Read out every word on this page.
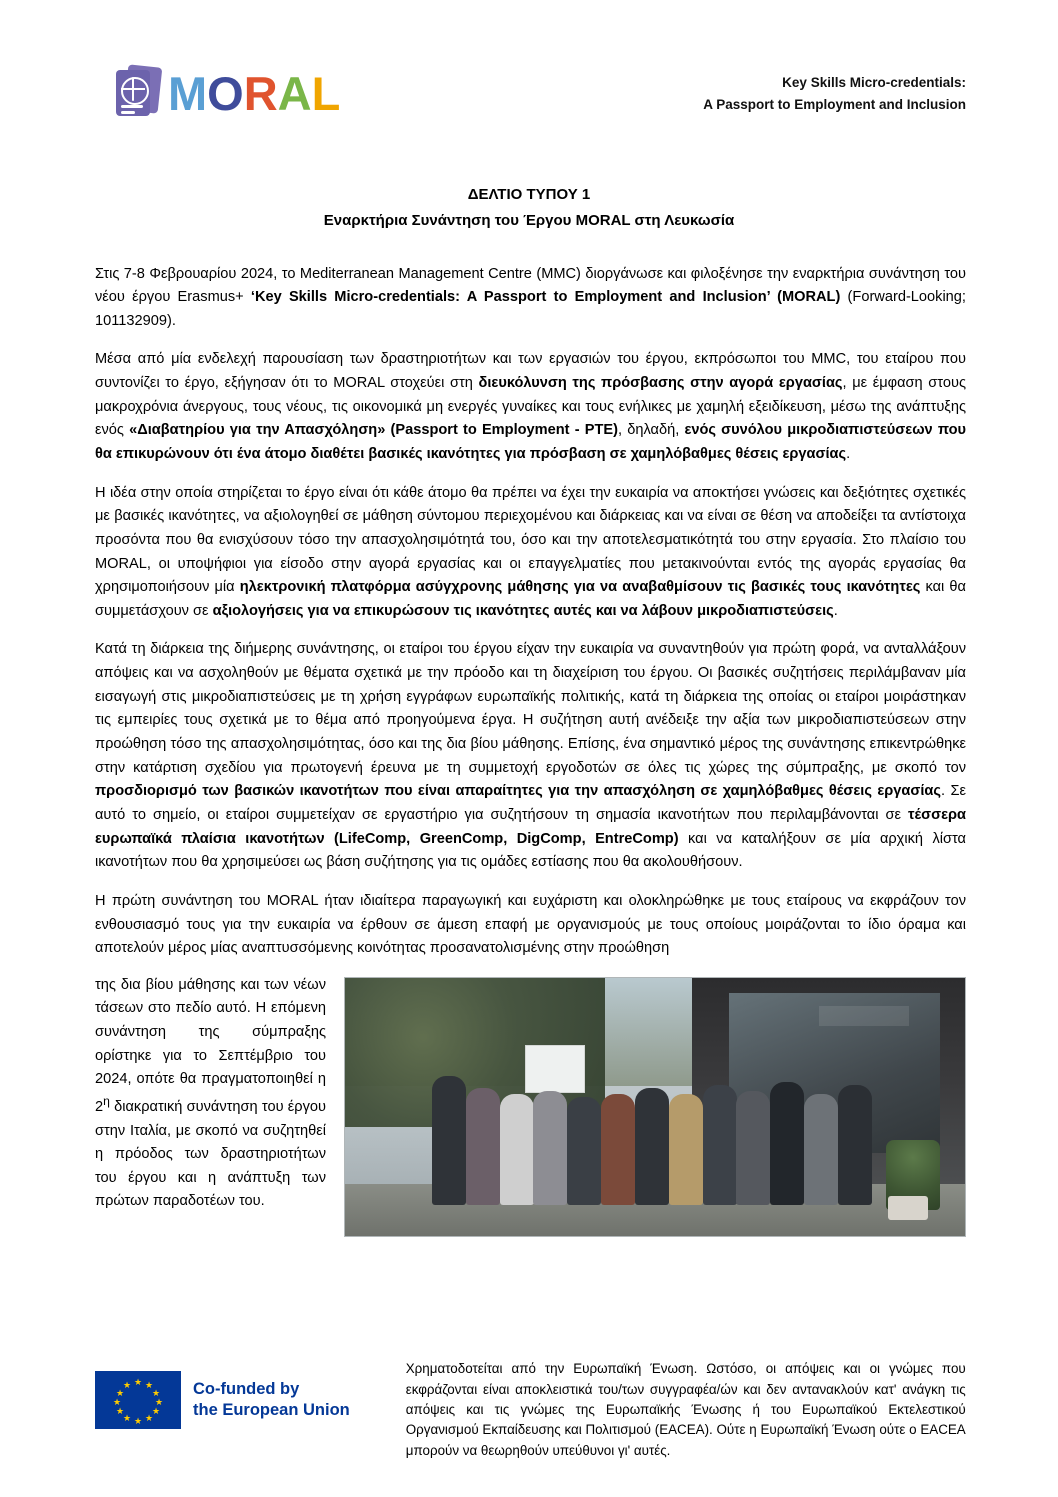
MORAL	Key Skills Micro-credentials:
A Passport to Employment and Inclusion
ΔΕΛΤΙΟ ΤΥΠΟΥ 1
Εναρκτήρια Συνάντηση του Έργου MORAL στη Λευκωσία

Στις 7-8 Φεβρουαρίου 2024, το Mediterranean Management Centre (MMC) διοργάνωσε και φιλοξένησε την εναρκτήρια συνάντηση του νέου έργου Erasmus+ ‘Key Skills Micro-credentials: A Passport to Employment and Inclusion’ (MORAL) (Forward-Looking; 101132909).

Μέσα από μία ενδελεχή παρουσίαση των δραστηριοτήτων και των εργασιών του έργου, εκπρόσωποι του MMC, του εταίρου που συντονίζει το έργο, εξήγησαν ότι το MORAL στοχεύει στη διευκόλυνση της πρόσβασης στην αγορά εργασίας, με έμφαση στους μακροχρόνια άνεργους, τους νέους, τις οικονομικά μη ενεργές γυναίκες και τους ενήλικες με χαμηλή εξειδίκευση, μέσω της ανάπτυξης ενός «Διαβατηρίου για την Απασχόληση» (Passport to Employment - PTE), δηλαδή, ενός συνόλου μικροδιαπιστεύσεων που θα επικυρώνουν ότι ένα άτομο διαθέτει βασικές ικανότητες για πρόσβαση σε χαμηλόβαθμες θέσεις εργασίας.

Η ιδέα στην οποία στηρίζεται το έργο είναι ότι κάθε άτομο θα πρέπει να έχει την ευκαιρία να αποκτήσει γνώσεις και δεξιότητες σχετικές με βασικές ικανότητες, να αξιολογηθεί σε μάθηση σύντομου περιεχομένου και διάρκειας και να είναι σε θέση να αποδείξει τα αντίστοιχα προσόντα που θα ενισχύσουν τόσο την απασχολησιμότητά του, όσο και την αποτελεσματικότητά του στην εργασία. Στο πλαίσιο του MORAL, οι υποψήφιοι για είσοδο στην αγορά εργασίας και οι επαγγελματίες που μετακινούνται εντός της αγοράς εργασίας θα χρησιμοποιήσουν μία ηλεκτρονική πλατφόρμα ασύγχρονης μάθησης για να αναβαθμίσουν τις βασικές τους ικανότητες και θα συμμετάσχουν σε αξιολογήσεις για να επικυρώσουν τις ικανότητες αυτές και να λάβουν μικροδιαπιστεύσεις.

Κατά τη διάρκεια της διήμερης συνάντησης, οι εταίροι του έργου είχαν την ευκαιρία να συναντηθούν για πρώτη φορά, να ανταλλάξουν απόψεις και να ασχοληθούν με θέματα σχετικά με την πρόοδο και τη διαχείριση του έργου. Οι βασικές συζητήσεις περιλάμβαναν μία εισαγωγή στις μικροδιαπιστεύσεις με τη χρήση εγγράφων ευρωπαϊκής πολιτικής, κατά τη διάρκεια της οποίας οι εταίροι μοιράστηκαν τις εμπειρίες τους σχετικά με το θέμα από προηγούμενα έργα. Η συζήτηση αυτή ανέδειξε την αξία των μικροδιαπιστεύσεων στην προώθηση τόσο της απασχολησιμότητας, όσο και της δια βίου μάθησης. Επίσης, ένα σημαντικό μέρος της συνάντησης επικεντρώθηκε στην κατάρτιση σχεδίου για πρωτογενή έρευνα με τη συμμετοχή εργοδοτών σε όλες τις χώρες της σύμπραξης, με σκοπό τον προσδιορισμό των βασικών ικανοτήτων που είναι απαραίτητες για την απασχόληση σε χαμηλόβαθμες θέσεις εργασίας. Σε αυτό το σημείο, οι εταίροι συμμετείχαν σε εργαστήριο για συζητήσουν τη σημασία ικανοτήτων που περιλαμβάνονται σε τέσσερα ευρωπαϊκά πλαίσια ικανοτήτων (LifeComp, GreenComp, DigComp, EntreComp) και να καταλήξουν σε μία αρχική λίστα ικανοτήτων που θα χρησιμεύσει ως βάση συζήτησης για τις ομάδες εστίασης που θα ακολουθήσουν.

Η πρώτη συνάντηση του MORAL ήταν ιδιαίτερα παραγωγική και ευχάριστη και ολοκληρώθηκε με τους εταίρους να εκφράζουν τον ενθουσιασμό τους για την ευκαιρία να έρθουν σε άμεση επαφή με οργανισμούς με τους οποίους μοιράζονται το ίδιο όραμα και αποτελούν μέρος μίας αναπτυσσόμενης κοινότητας προσανατολισμένης στην προώθηση

της δια βίου μάθησης και των νέων τάσεων στο πεδίο αυτό. Η επόμενη συνάντηση της σύμπραξης ορίστηκε για το Σεπτέμβριο του 2024, οπότε θα πραγματοποιηθεί η $2^\eta$ διακρατική συνάντηση του έργου στην Ιταλία, με σκοπό να συζητηθεί η πρόοδος των δραστηριοτήτων του έργου και η ανάπτυξη των πρώτων παραδοτέων του.
★ ★
★
★
★
★
★
★
★
★
★
★	Co-funded by
the European Union
Χρηματοδοτείται από την Ευρωπαϊκή Ένωση. Ωστόσο, οι απόψεις και οι γνώμες που εκφράζονται είναι αποκλειστικά του/των συγγραφέα/ών και δεν αντανακλούν κατ' ανάγκη τις απόψεις και τις γνώμες της Ευρωπαϊκής Ένωσης ή του Ευρωπαϊκού Εκτελεστικού Οργανισμού Εκπαίδευσης και Πολιτισμού (EACEA). Ούτε η Ευρωπαϊκή Ένωση ούτε ο EACEA μπορούν να θεωρηθούν υπεύθυνοι γι' αυτές.
